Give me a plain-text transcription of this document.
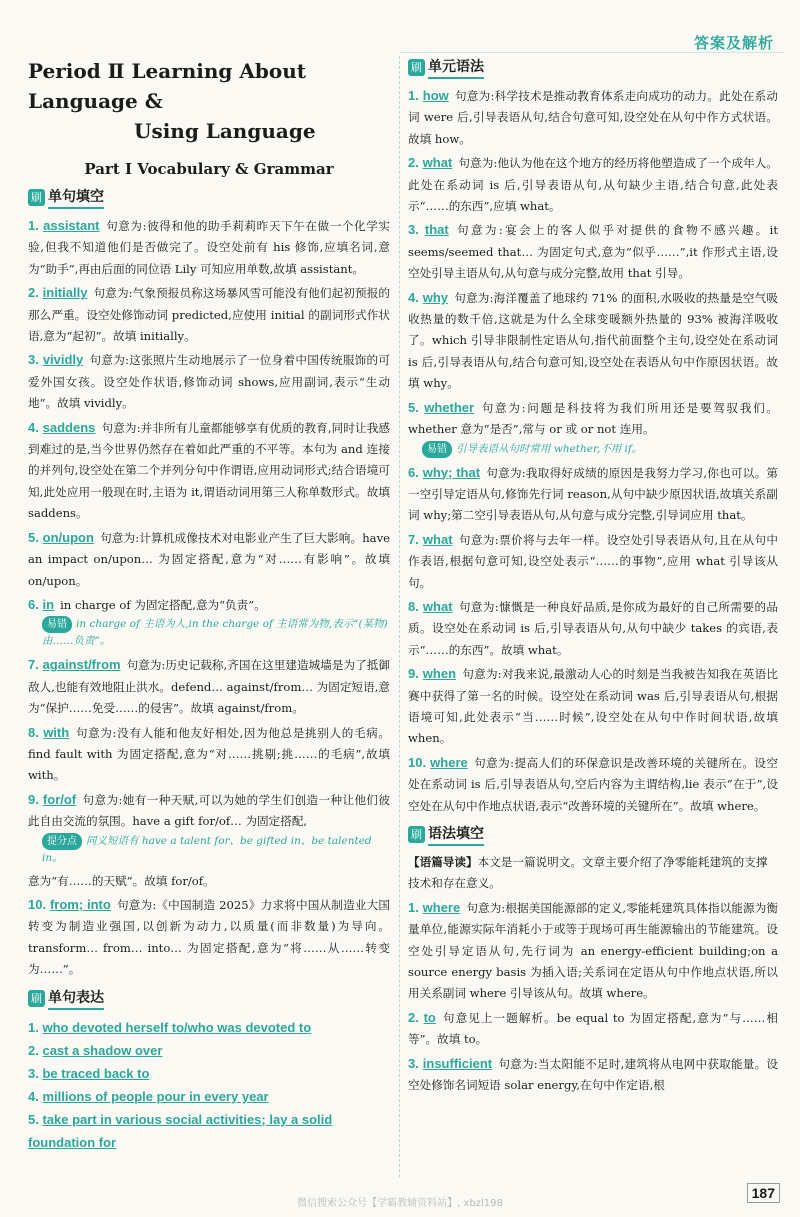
答案及解析
Period Ⅱ Learning About Language &
Using Language
Part Ⅰ Vocabulary & Grammar
刷 单句填空

1. assistant 句意为:彼得和他的助手莉莉昨天下午在做一个化学实验,但我不知道他们是否做完了。设空处前有 his 修饰,应填名词,意为“助手”,再由后面的同位语 Lily 可知应用单数,故填 assistant。

2. initially 句意为:气象预报员称这场暴风雪可能没有他们起初预报的那么严重。设空处修饰动词 predicted,应使用 initial 的副词形式作状语,意为“起初”。故填 initially。

3. vividly 句意为:这张照片生动地展示了一位身着中国传统服饰的可爱外国女孩。设空处作状语,修饰动词 shows,应用副词,表示“生动地”。故填 vividly。

4. saddens 句意为:并非所有儿童都能够享有优质的教育,同时让我感到难过的是,当今世界仍然存在着如此严重的不平等。本句为 and 连接的并列句,设空处在第二个并列分句中作谓语,应用动词形式;结合语境可知,此处应用一般现在时,主语为 it,谓语动词用第三人称单数形式。故填 saddens。

5. on/upon 句意为:计算机成像技术对电影业产生了巨大影响。have an impact on/upon… 为固定搭配,意为“对……有影响”。故填 on/upon。

6. in in charge of 为固定搭配,意为“负责”。

易错 in charge of 主语为人,in the charge of 主语常为物,表示“(某物)由……负责”。

7. against/from 句意为:历史记载称,齐国在这里建造城墙是为了抵御敌人,也能有效地阻止洪水。defend… against/from… 为固定短语,意为“保护……免受……的侵害”。故填 against/from。

8. with 句意为:没有人能和他友好相处,因为他总是挑别人的毛病。find fault with 为固定搭配,意为“对……挑剔;挑……的毛病”,故填 with。

9. for/of 句意为:她有一种天赋,可以为她的学生们创造一种让他们彼此自由交流的氛围。have a gift for/of… 为固定搭配,

提分点 同义短语有 have a talent for、be gifted in、be talented in。

意为“有……的天赋”。故填 for/of。

10. from; into 句意为:《中国制造 2025》力求将中国从制造业大国转变为制造业强国,以创新为动力,以质量(而非数量)为导向。transform… from… into… 为固定搭配,意为“将……从……转变为……”。

刷 单句表达

1. who devoted herself to/who was devoted to

2. cast a shadow over

3. be traced back to

4. millions of people pour in every year

5. take part in various social activities; lay a solid foundation for

刷 单元语法

1. how 句意为:科学技术是推动教育体系走向成功的动力。此处在系动词 were 后,引导表语从句,结合句意可知,设空处在从句中作方式状语。故填 how。

2. what 句意为:他认为他在这个地方的经历将他塑造成了一个成年人。此处在系动词 is 后,引导表语从句,从句缺少主语,结合句意,此处表示“……的东西”,应填 what。

3. that 句意为:宴会上的客人似乎对提供的食物不感兴趣。it seems/seemed that… 为固定句式,意为“似乎……”,it 作形式主语,设空处引导主语从句,从句意与成分完整,故用 that 引导。

4. why 句意为:海洋覆盖了地球约 71% 的面积,水吸收的热量是空气吸收热量的数千倍,这就是为什么全球变暖额外热量的 93% 被海洋吸收了。which 引导非限制性定语从句,指代前面整个主句,设空处在系动词 is 后,引导表语从句,结合句意可知,设空处在表语从句中作原因状语。故填 why。

5. whether 句意为:问题是科技将为我们所用还是要驾驭我们。whether 意为“是否”,常与 or 或 or not 连用。

易错 引导表语从句时常用 whether,不用 if。

6. why; that 句意为:我取得好成绩的原因是我努力学习,你也可以。第一空引导定语从句,修饰先行词 reason,从句中缺少原因状语,故填关系副词 why;第二空引导表语从句,从句意与成分完整,引导词应用 that。

7. what 句意为:票价将与去年一样。设空处引导表语从句,且在从句中作表语,根据句意可知,设空处表示“……的事物”,应用 what 引导该从句。

8. what 句意为:慷慨是一种良好品质,是你成为最好的自己所需要的品质。设空处在系动词 is 后,引导表语从句,从句中缺少 takes 的宾语,表示“……的东西”。故填 what。

9. when 句意为:对我来说,最激动人心的时刻是当我被告知我在英语比赛中获得了第一名的时候。设空处在系动词 was 后,引导表语从句,根据语境可知,此处表示“当……时候”,设空处在从句中作时间状语,故填 when。

10. where 句意为:提高人们的环保意识是改善环境的关键所在。设空处在系动词 is 后,引导表语从句,空后内容为主谓结构,lie 表示“在于”,设空处在从句中作地点状语,表示“改善环境的关键所在”。故填 where。

刷 语法填空

【语篇导读】本文是一篇说明文。文章主要介绍了净零能耗建筑的支撑技术和存在意义。

1. where 句意为:根据美国能源部的定义,零能耗建筑具体指以能源为衡量单位,能源实际年消耗小于或等于现场可再生能源输出的节能建筑。设空处引导定语从句,先行词为 an energy-efficient building;on a source energy basis 为插入语;关系词在定语从句中作地点状语,所以用关系副词 where 引导该从句。故填 where。

2. to 句意见上一题解析。be equal to 为固定搭配,意为“与……相等”。故填 to。

3. insufficient 句意为:当太阳能不足时,建筑将从电网中获取能量。设空处修饰名词短语 solar energy,在句中作定语,根

微信搜索公众号【学霸教辅资料站】, xbzl198
187
